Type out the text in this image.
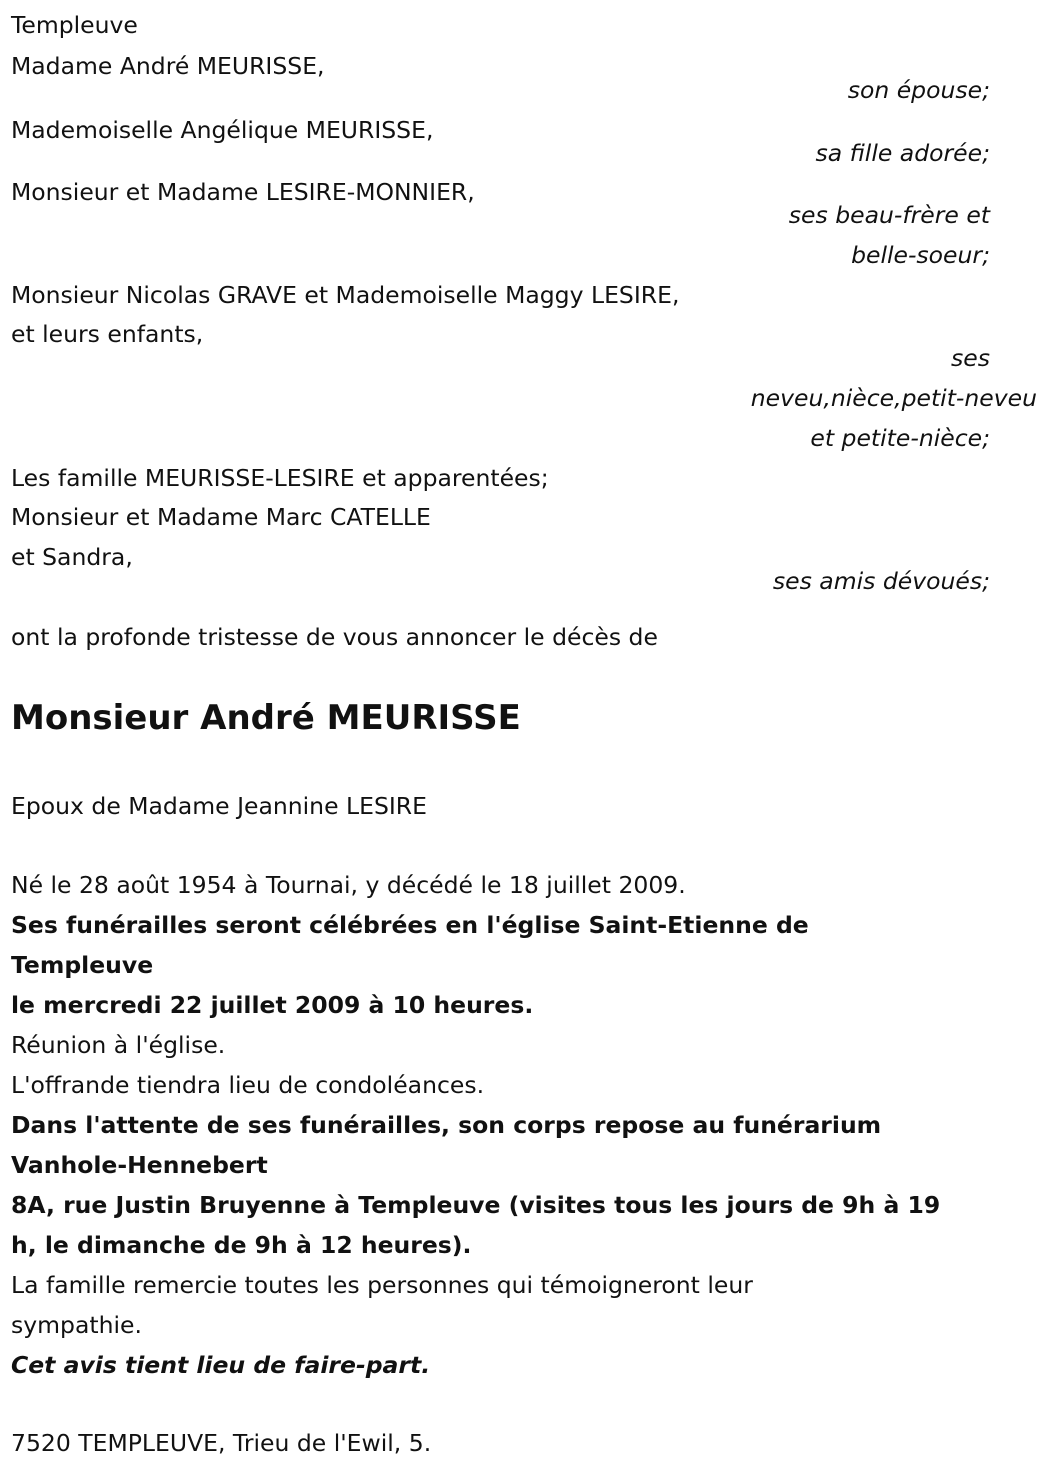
Templeuve
Madame André MEURISSE,
son épouse;
Mademoiselle Angélique MEURISSE,
sa fille adorée;
Monsieur et Madame LESIRE-MONNIER,
ses beau-frère et
belle-soeur;
Monsieur Nicolas GRAVE et Mademoiselle Maggy LESIRE,
et leurs enfants,
ses
neveu,nièce,petit-neveu
et petite-nièce;
Les famille MEURISSE-LESIRE et apparentées;
Monsieur et Madame Marc CATELLE
et Sandra,
ses amis dévoués;
ont la profonde tristesse de vous annoncer le décès de
Monsieur André MEURISSE
Epoux de Madame Jeannine LESIRE
Né le 28 août 1954 à Tournai, y décédé le 18 juillet 2009.
Ses funérailles seront célébrées en l'église Saint-Etienne de
Templeuve
le mercredi 22 juillet 2009 à 10 heures.
Réunion à l'église.
L'offrande tiendra lieu de condoléances.
Dans l'attente de ses funérailles, son corps repose au funérarium
Vanhole-Hennebert
8A, rue Justin Bruyenne à Templeuve (visites tous les jours de 9h à 19
h, le dimanche de 9h à 12 heures).
La famille remercie toutes les personnes qui témoigneront leur
sympathie.
Cet avis tient lieu de faire-part.
7520 TEMPLEUVE, Trieu de l'Ewil, 5.
